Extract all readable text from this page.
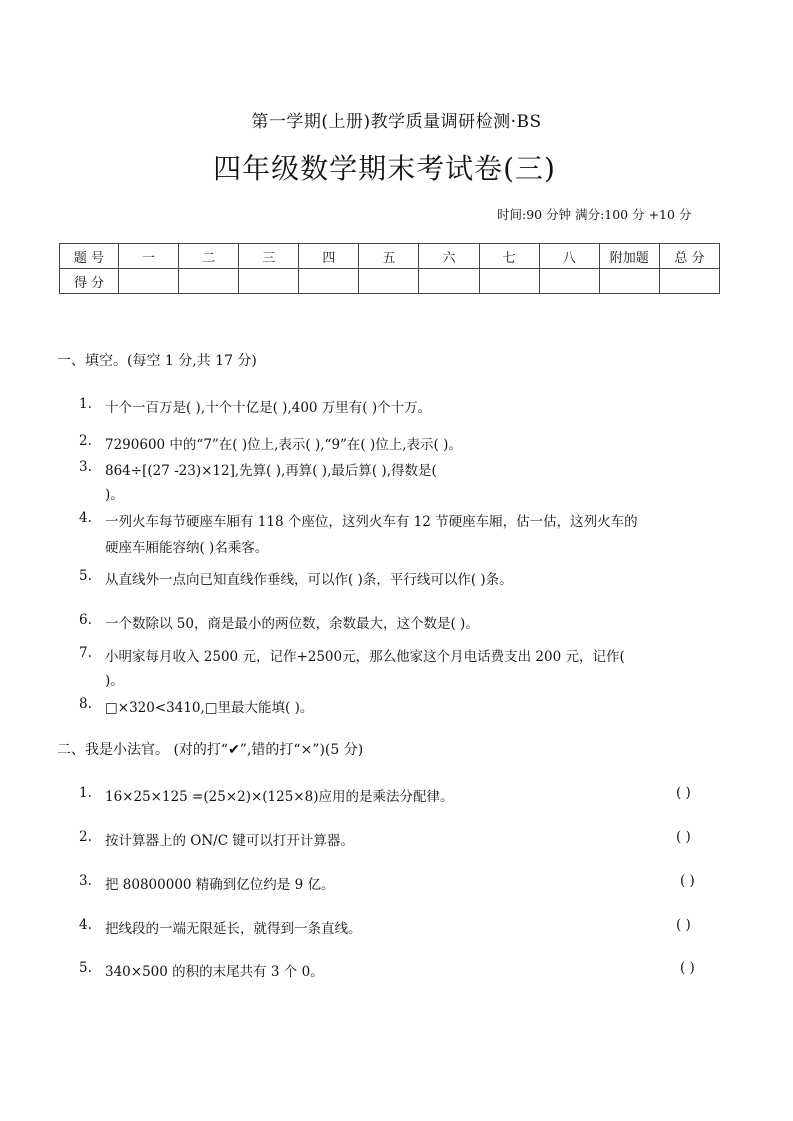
第一学期(上册)教学质量调研检测·BS
四年级数学期末考试卷(三)
时间:90 分钟 满分:100 分 +10 分
题 号	一	二	三	四	五	六	七	八	附加题	总 分
得 分										
一、填空。(每空 1 分,共 17 分)
1. 十个一百万是( ),十个十亿是( ),400 万里有( )个十万。
2. 7290600 中的“7”在( )位上,表示( ),“9”在( )位上,表示( )。
3. 864÷[(27 -23)×12],先算( ),再算( ),最后算( ),得数是(
)。
4. 一列火车每节硬座车厢有 118 个座位，这列火车有 12 节硬座车厢，估一估，这列火车的
硬座车厢能容纳( )名乘客。
5. 从直线外一点向已知直线作垂线，可以作( )条，平行线可以作( )条。
6. 一个数除以 50，商是最小的两位数，余数最大，这个数是( )。
7. 小明家每月收入 2500 元，记作+2500元，那么他家这个月电话费支出 200 元，记作(
)。
8. □×320<3410,□里最大能填( )。
二、我是小法官。 (对的打“✔”,错的打“×”)(5 分)
1. 16×25×125 =(25×2)×(125×8)应用的是乘法分配律。	( )
2. 按计算器上的 ON/C 键可以打开计算器。	( )
3. 把 80800000 精确到亿位约是 9 亿。	( )
4. 把线段的一端无限延长，就得到一条直线。	( )
5. 340×500 的积的末尾共有 3 个 0。	( )
